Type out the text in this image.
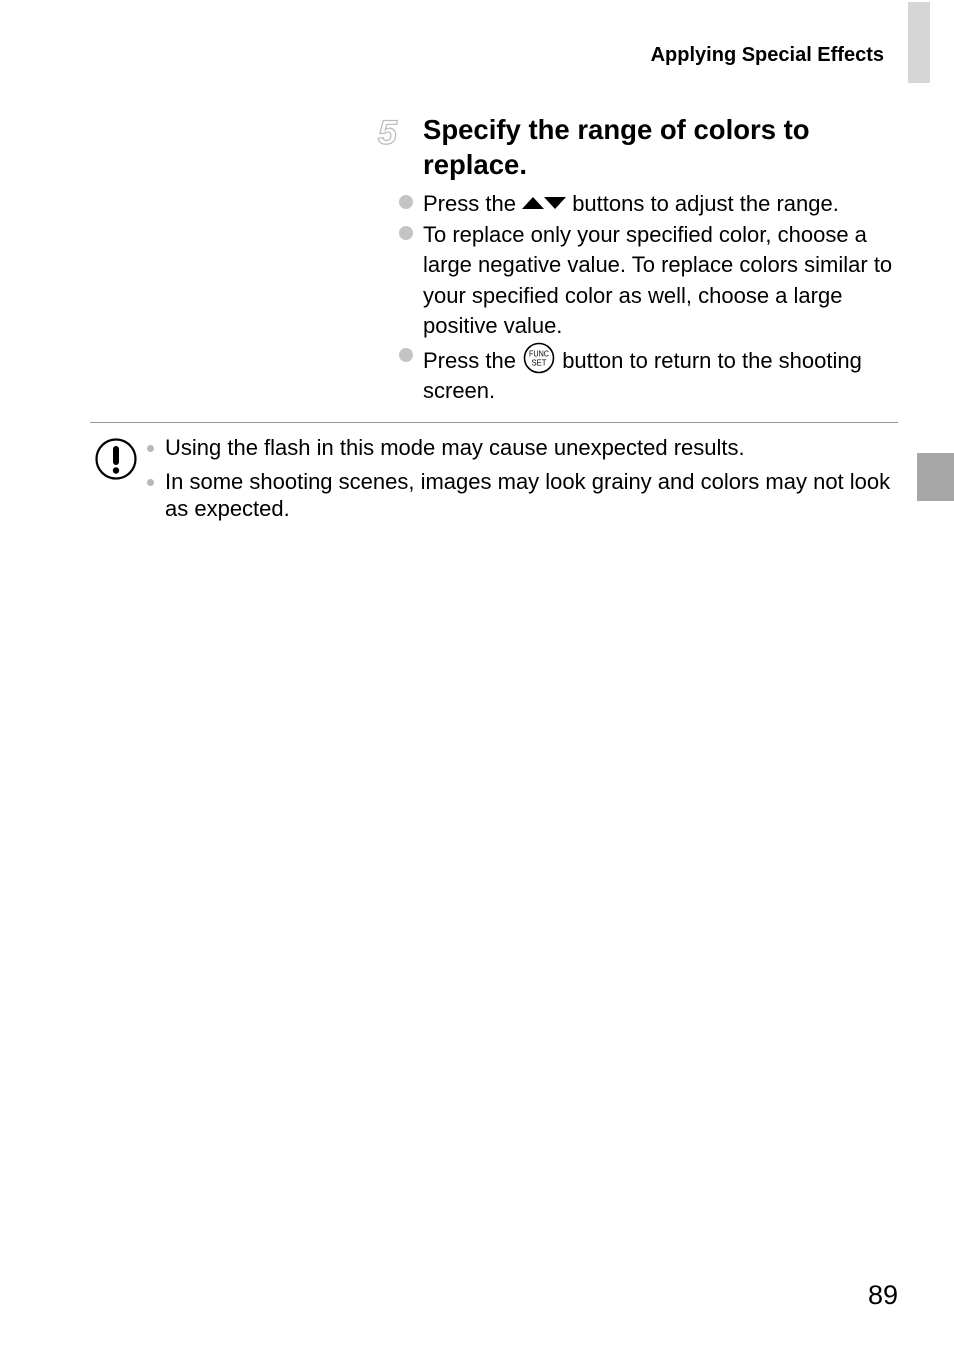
Applying Special Effects
5 Specify the range of colors to replace.
Press the	buttons to adjust the range.
To replace only your specified color, choose a large negative value. To replace colors similar to your specified color as well, choose a large positive value.
Press the FUNC
SET button to return to the shooting screen.
Using the flash in this mode may cause unexpected results.
In some shooting scenes, images may look grainy and colors may not look as expected.
89
